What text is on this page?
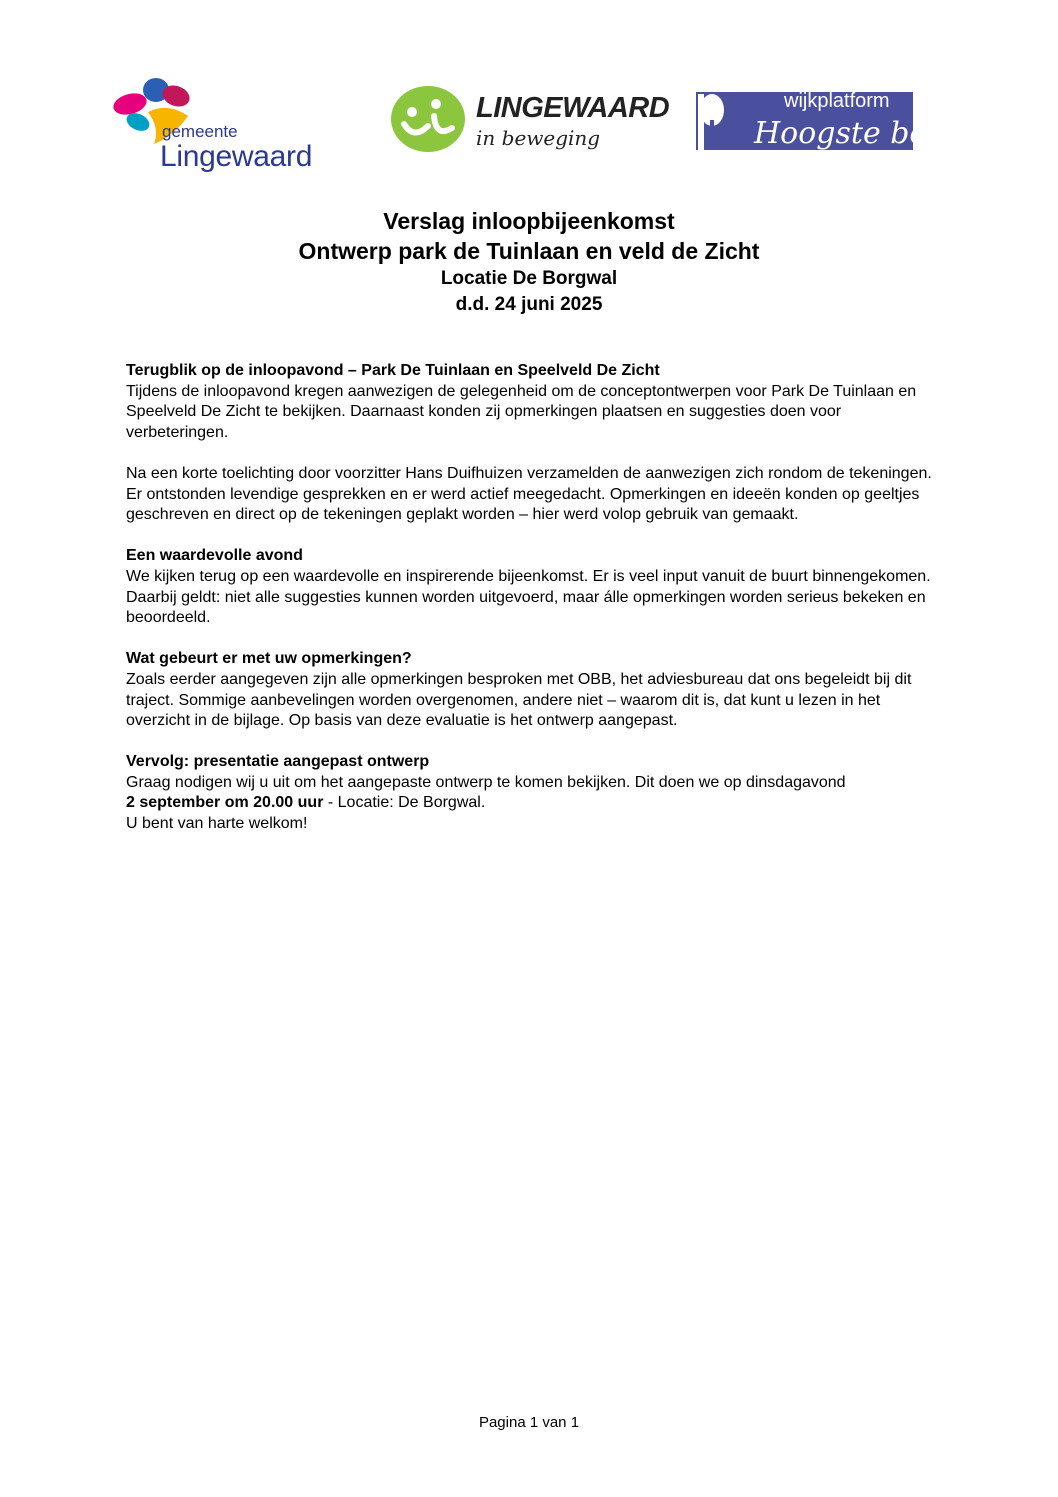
gemeente
Lingewaard
LINGEWAARD
in beweging
wijkplatform
Hoogste belang
Verslag inloopbijeenkomst
Ontwerp park de Tuinlaan en veld de Zicht
Locatie De Borgwal
d.d. 24 juni 2025

Terugblik op de inloopavond – Park De Tuinlaan en Speelveld De Zicht
Tijdens de inloopavond kregen aanwezigen de gelegenheid om de conceptontwerpen voor Park De Tuinlaan en Speelveld De Zicht te bekijken. Daarnaast konden zij opmerkingen plaatsen en suggesties doen voor verbeteringen.

Na een korte toelichting door voorzitter Hans Duifhuizen verzamelden de aanwezigen zich rondom de tekeningen. Er ontstonden levendige gesprekken en er werd actief meegedacht. Opmerkingen en ideeën konden op geeltjes geschreven en direct op de tekeningen geplakt worden – hier werd volop gebruik van gemaakt.

Een waardevolle avond
We kijken terug op een waardevolle en inspirerende bijeenkomst. Er is veel input vanuit de buurt binnengekomen. Daarbij geldt: niet alle suggesties kunnen worden uitgevoerd, maar álle opmerkingen worden serieus bekeken en beoordeeld.

Wat gebeurt er met uw opmerkingen?
Zoals eerder aangegeven zijn alle opmerkingen besproken met OBB, het adviesbureau dat ons begeleidt bij dit traject. Sommige aanbevelingen worden overgenomen, andere niet – waarom dit is, dat kunt u lezen in het overzicht in de bijlage. Op basis van deze evaluatie is het ontwerp aangepast.

Vervolg: presentatie aangepast ontwerp
Graag nodigen wij u uit om het aangepaste ontwerp te komen bekijken. Dit doen we op dinsdagavond
2 september om 20.00 uur - Locatie: De Borgwal.
U bent van harte welkom!

Pagina 1 van 1
